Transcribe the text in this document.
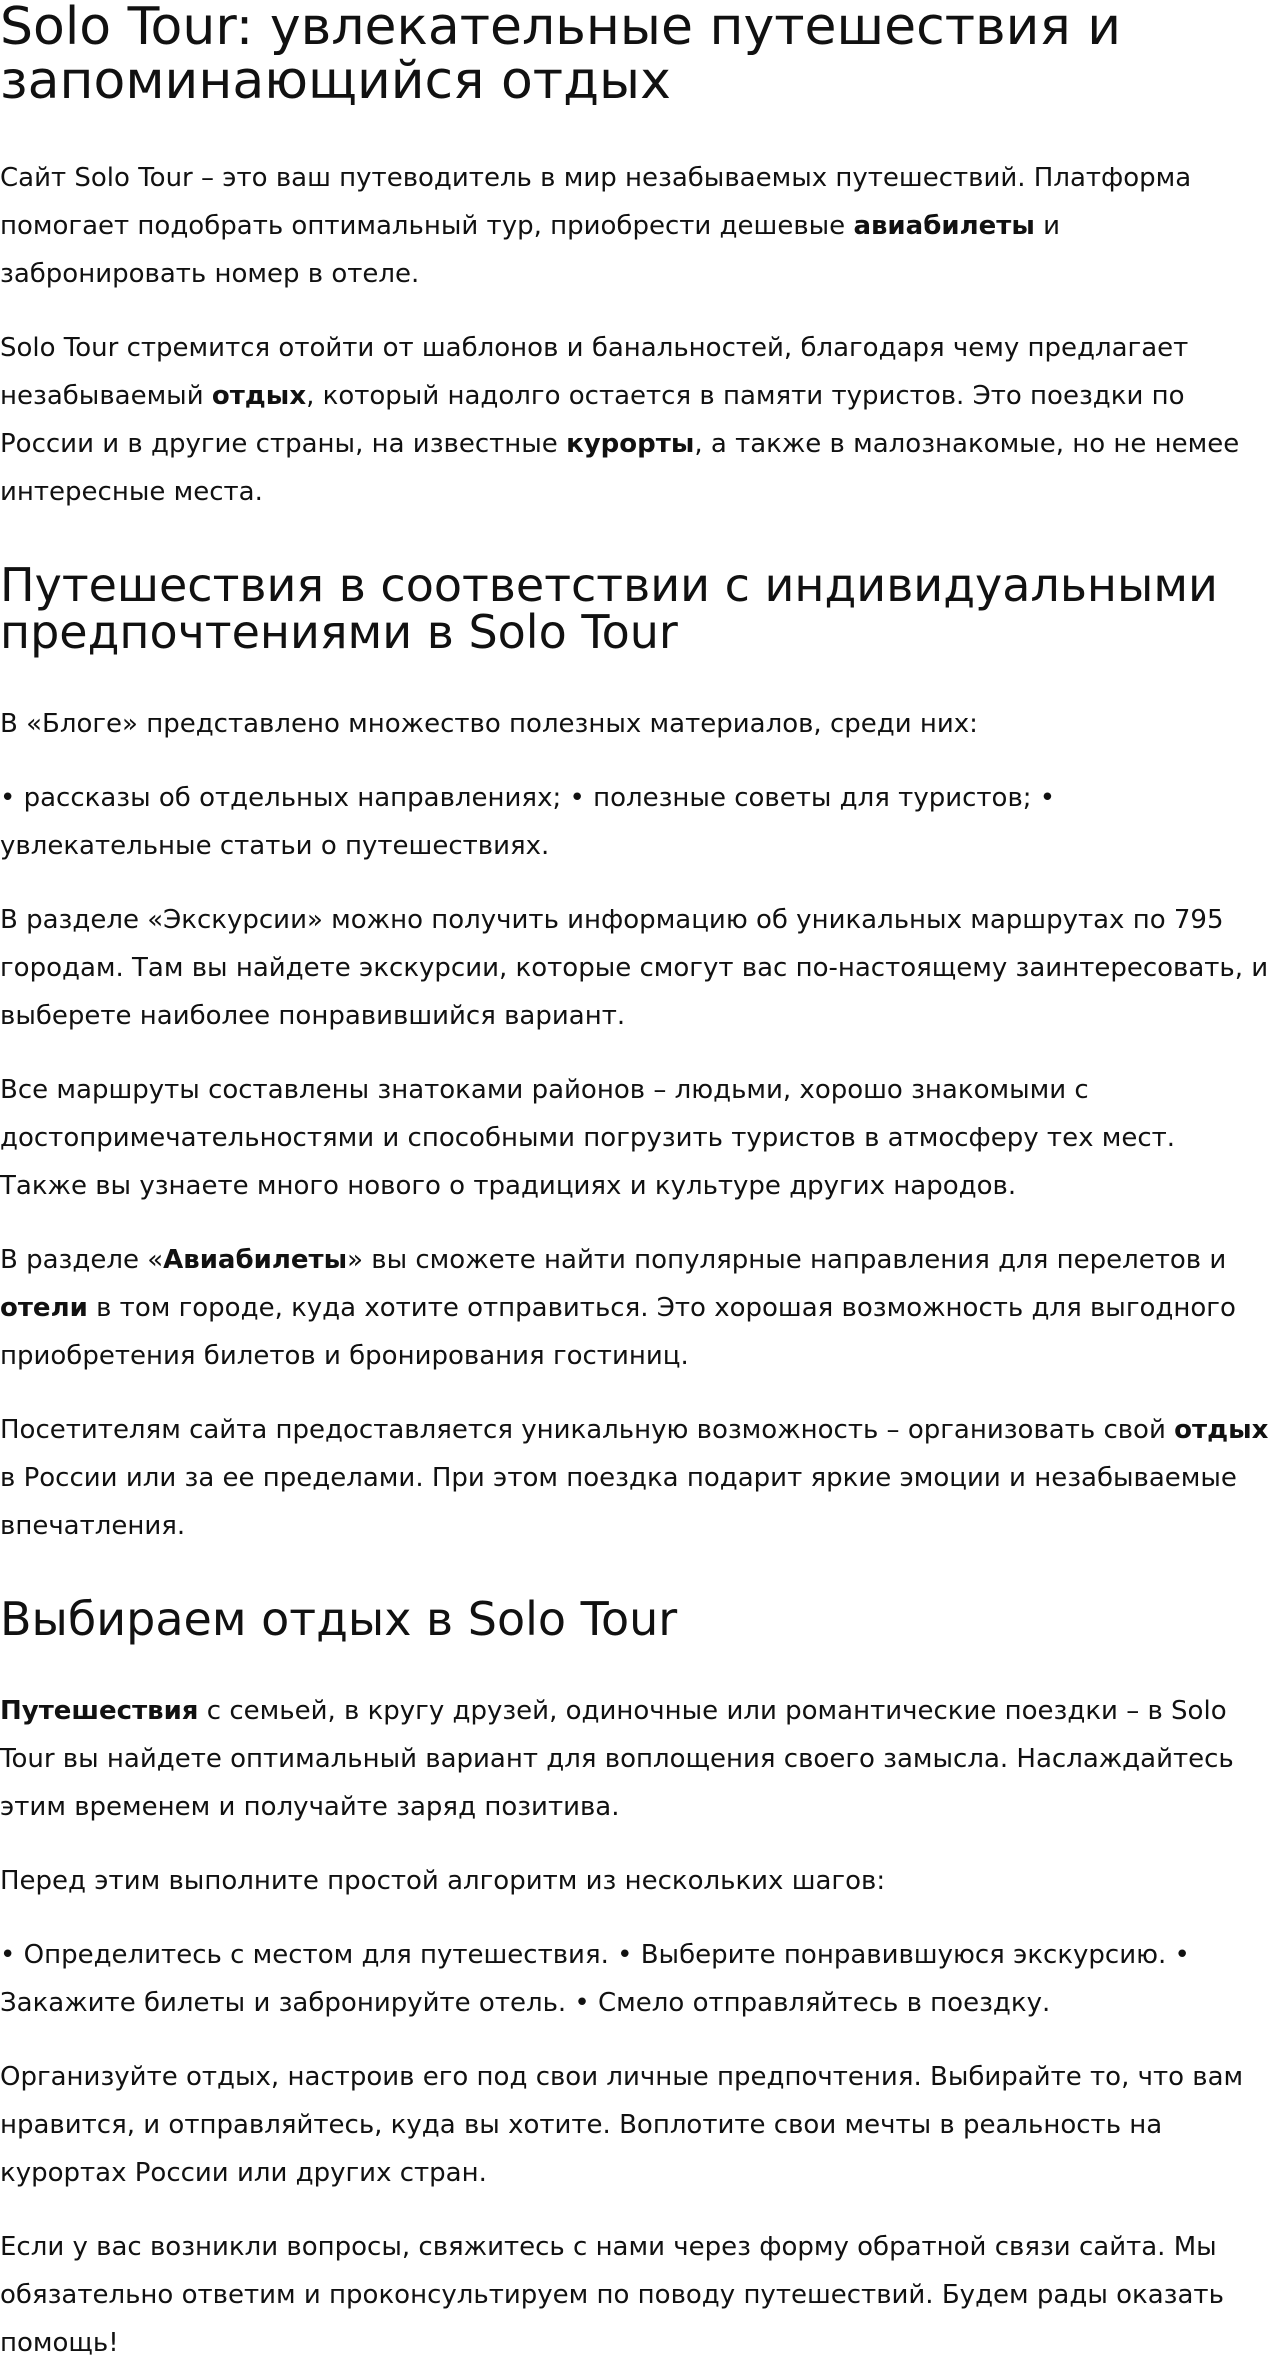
Solo Tour: увлекательные путешествия и запоминающийся отдых

Сайт Solo Tour – это ваш путеводитель в мир незабываемых путешествий. Платформа помогает подобрать оптимальный тур, приобрести дешевые авиабилеты и забронировать номер в отеле.

Solo Tour стремится отойти от шаблонов и банальностей, благодаря чему предлагает незабываемый отдых, который надолго остается в памяти туристов. Это поездки по России и в другие страны, на известные курорты, а также в малознакомые, но не немее интересные места.

Путешествия в соответствии с индивидуальными предпочтениями в Solo Tour

В «Блоге» представлено множество полезных материалов, среди них:

• рассказы об отдельных направлениях; • полезные советы для туристов; • увлекательные статьи о путешествиях.

В разделе «Экскурсии» можно получить информацию об уникальных маршрутах по 795 городам. Там вы найдете экскурсии, которые смогут вас по-настоящему заинтересовать, и выберете наиболее понравившийся вариант.

Все маршруты составлены знатоками районов – людьми, хорошо знакомыми с достопримечательностями и способными погрузить туристов в атмосферу тех мест. Также вы узнаете много нового о традициях и культуре других народов.

В разделе «Авиабилеты» вы сможете найти популярные направления для перелетов и отели в том городе, куда хотите отправиться. Это хорошая возможность для выгодного приобретения билетов и бронирования гостиниц.

Посетителям сайта предоставляется уникальную возможность – организовать свой отдых в России или за ее пределами. При этом поездка подарит яркие эмоции и незабываемые впечатления.

Выбираем отдых в Solo Tour

Путешествия с семьей, в кругу друзей, одиночные или романтические поездки – в Solo Tour вы найдете оптимальный вариант для воплощения своего замысла. Наслаждайтесь этим временем и получайте заряд позитива.

Перед этим выполните простой алгоритм из нескольких шагов:

• Определитесь с местом для путешествия. • Выберите понравившуюся экскурсию. • Закажите билеты и забронируйте отель. • Смело отправляйтесь в поездку.

Организуйте отдых, настроив его под свои личные предпочтения. Выбирайте то, что вам нравится, и отправляйтесь, куда вы хотите. Воплотите свои мечты в реальность на курортах России или других стран.

Если у вас возникли вопросы, свяжитесь с нами через форму обратной связи сайта. Мы обязательно ответим и проконсультируем по поводу путешествий. Будем рады оказать помощь!
